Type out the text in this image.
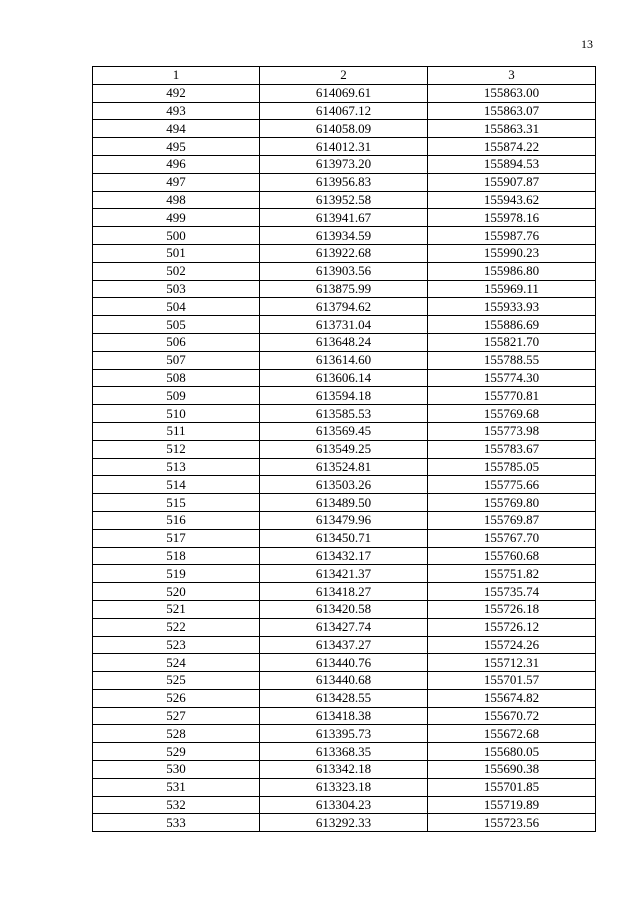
13
1	2	3
492	614069.61	155863.00
493	614067.12	155863.07
494	614058.09	155863.31
495	614012.31	155874.22
496	613973.20	155894.53
497	613956.83	155907.87
498	613952.58	155943.62
499	613941.67	155978.16
500	613934.59	155987.76
501	613922.68	155990.23
502	613903.56	155986.80
503	613875.99	155969.11
504	613794.62	155933.93
505	613731.04	155886.69
506	613648.24	155821.70
507	613614.60	155788.55
508	613606.14	155774.30
509	613594.18	155770.81
510	613585.53	155769.68
511	613569.45	155773.98
512	613549.25	155783.67
513	613524.81	155785.05
514	613503.26	155775.66
515	613489.50	155769.80
516	613479.96	155769.87
517	613450.71	155767.70
518	613432.17	155760.68
519	613421.37	155751.82
520	613418.27	155735.74
521	613420.58	155726.18
522	613427.74	155726.12
523	613437.27	155724.26
524	613440.76	155712.31
525	613440.68	155701.57
526	613428.55	155674.82
527	613418.38	155670.72
528	613395.73	155672.68
529	613368.35	155680.05
530	613342.18	155690.38
531	613323.18	155701.85
532	613304.23	155719.89
533	613292.33	155723.56
